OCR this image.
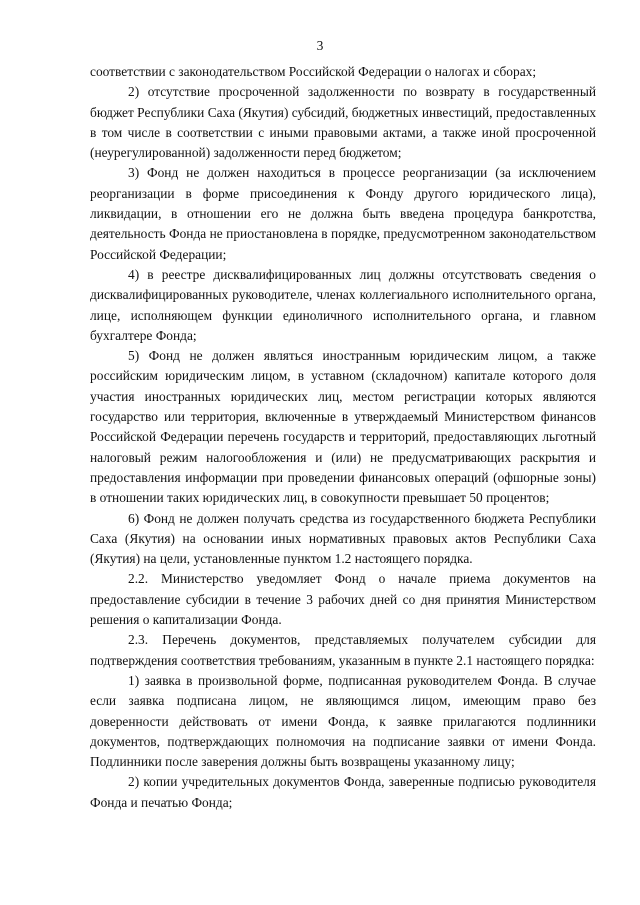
3

соответствии с законодательством Российской Федерации о налогах и сборах;

2) отсутствие просроченной задолженности по возврату в государственный бюджет Республики Саха (Якутия) субсидий, бюджетных инвестиций, предоставленных в том числе в соответствии с иными правовыми актами, а также иной просроченной (неурегулированной) задолженности перед бюджетом;

3) Фонд не должен находиться в процессе реорганизации (за исключением реорганизации в форме присоединения к Фонду другого юридического лица), ликвидации, в отношении его не должна быть введена процедура банкротства, деятельность Фонда не приостановлена в порядке, предусмотренном законодательством Российской Федерации;

4) в реестре дисквалифицированных лиц должны отсутствовать сведения о дисквалифицированных руководителе, членах коллегиального исполнительного органа, лице, исполняющем функции единоличного исполнительного органа, и главном бухгалтере Фонда;

5) Фонд не должен являться иностранным юридическим лицом, а также российским юридическим лицом, в уставном (складочном) капитале которого доля участия иностранных юридических лиц, местом регистрации которых являются государство или территория, включенные в утверждаемый Министерством финансов Российской Федерации перечень государств и территорий, предоставляющих льготный налоговый режим налогообложения и (или) не предусматривающих раскрытия и предоставления информации при проведении финансовых операций (офшорные зоны) в отношении таких юридических лиц, в совокупности превышает 50 процентов;

6) Фонд не должен получать средства из государственного бюджета Республики Саха (Якутия) на основании иных нормативных правовых актов Республики Саха (Якутия) на цели, установленные пунктом 1.2 настоящего порядка.

2.2. Министерство уведомляет Фонд о начале приема документов на предоставление субсидии в течение 3 рабочих дней со дня принятия Министерством решения о капитализации Фонда.

2.3. Перечень документов, представляемых получателем субсидии для подтверждения соответствия требованиям, указанным в пункте 2.1 настоящего порядка:

1) заявка в произвольной форме, подписанная руководителем Фонда. В случае если заявка подписана лицом, не являющимся лицом, имеющим право без доверенности действовать от имени Фонда, к заявке прилагаются подлинники документов, подтверждающих полномочия на подписание заявки от имени Фонда. Подлинники после заверения должны быть возвращены указанному лицу;

2) копии учредительных документов Фонда, заверенные подписью руководителя Фонда и печатью Фонда;
